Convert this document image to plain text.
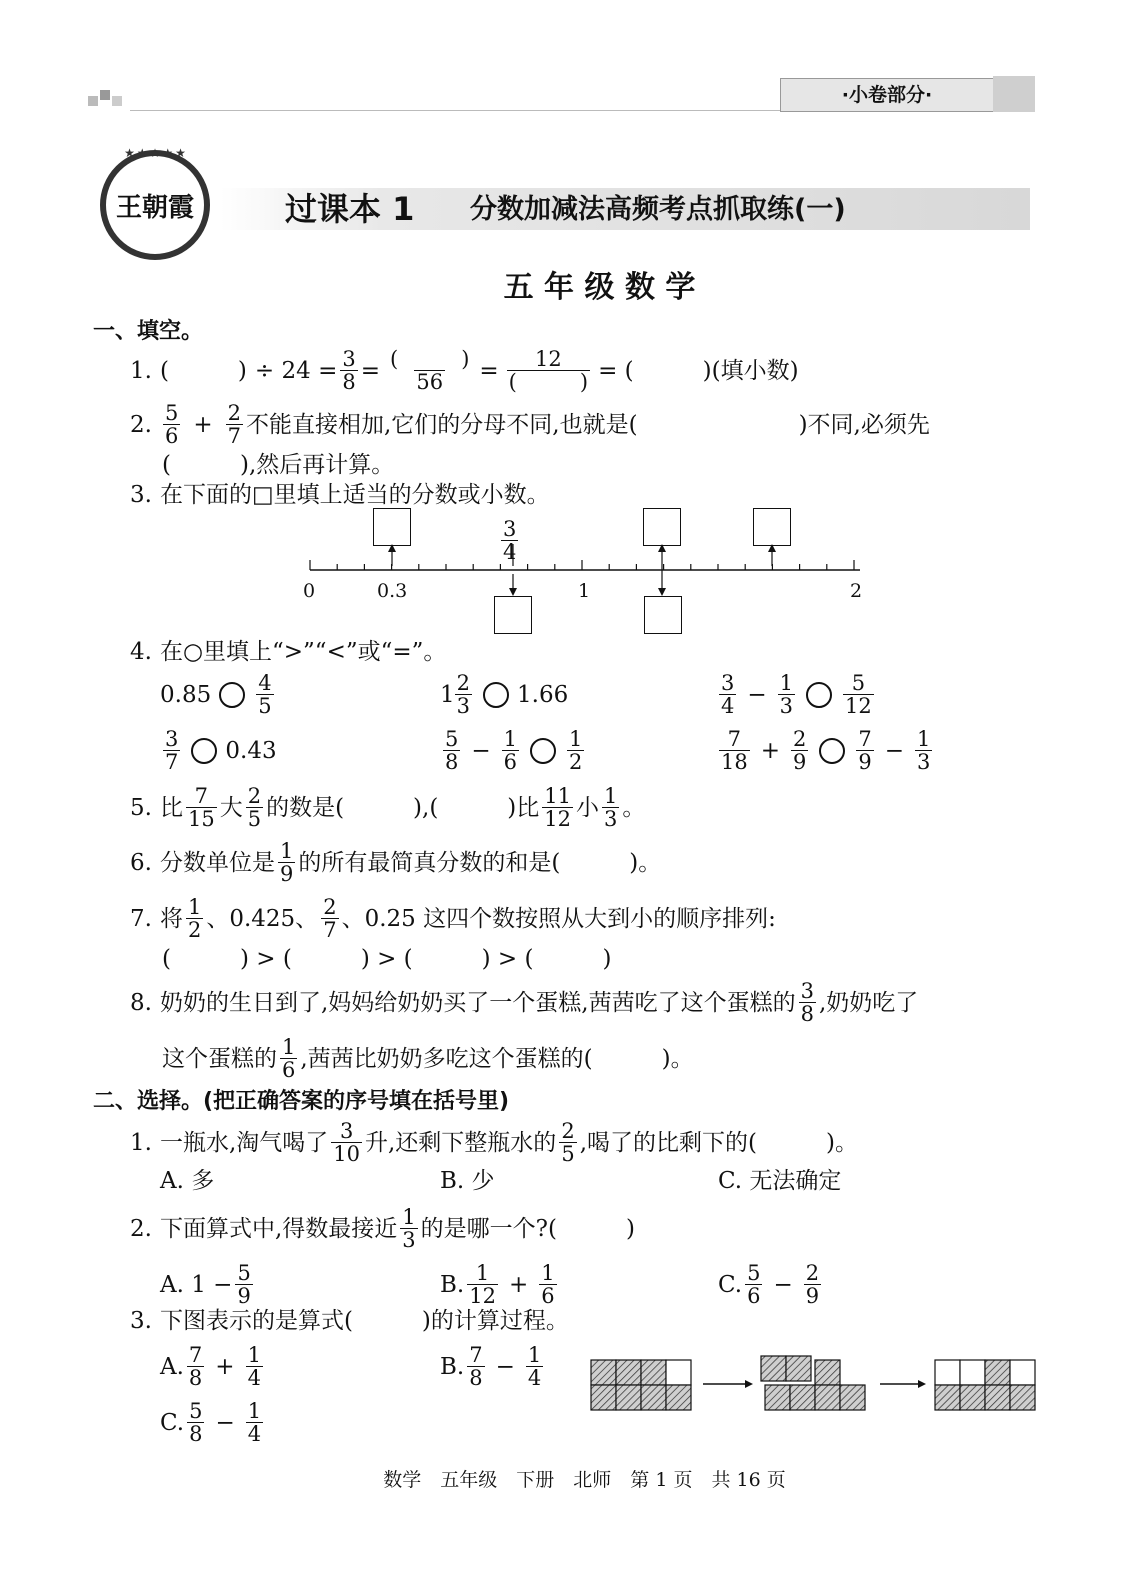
·小卷部分·
★★★★★
王朝霞	过课本 1 分数加减法高频考点抓取练(一)
五 年 级 数 学
一、填空。
1. (　　　) ÷ $24 = \frac{3}{8} = \frac{( )}{56} = \frac{12}{( )}$ = (　　　)(填小数)
2. $\frac{5}{6} + \frac{2}{7}$ 不能直接相加,它们的分母不同,也就是(　　　　　　　)不同,必须先
(　　　),然后再计算。
3. 在下面的□里填上适当的分数或小数。
$\frac{3}{4}$
0	0.3	1	2
4. 在○里填上“>”“<”或“=”。
$0.85 \frac{4}{5}$	$1 \frac{2}{3} 1.66$	$\frac{3}{4} - \frac{1}{3} \frac{5}{12}$
$\frac{3}{7} 0.43$	$\frac{5}{8} - \frac{1}{6} \frac{1}{2}$	$\frac{7}{18} + \frac{2}{9} \frac{7}{9} - \frac{1}{3}$
5. 比 $\frac{7}{15}$ 大 $\frac{2}{5}$ 的数是(　　　),(　　　)比 $\frac{11}{12}$ 小 $\frac{1}{3}$ 。
6. 分数单位是 $\frac{1}{9}$ 的所有最简真分数的和是(　　　)。
7. 将 $\frac{1}{2}$ 、0.425、 $\frac{2}{7}$ 、0.25 这四个数按照从大到小的顺序排列:
(　　　) > (　　　) > (　　　) > (　　　)
8. 奶奶的生日到了,妈妈给奶奶买了一个蛋糕,茜茜吃了这个蛋糕的 $\frac{3}{8}$ ,奶奶吃了
这个蛋糕的 $\frac{1}{6}$ ,茜茜比奶奶多吃这个蛋糕的(　　　)。
二、选择。(把正确答案的序号填在括号里)
1. 一瓶水,淘气喝了 $\frac{3}{10}$ 升,还剩下整瓶水的 $\frac{2}{5}$ ,喝了的比剩下的(　　　)。
A. 多	B. 少	C. 无法确定
2. 下面算式中,得数最接近 $\frac{1}{3}$ 的是哪一个?(　　　)
A. $1 - \frac{5}{9}$	B. $\frac{1}{12} + \frac{1}{6}$	C. $\frac{5}{6} - \frac{2}{9}$
3. 下图表示的是算式(　　　)的计算过程。
A. $\frac{7}{8} + \frac{1}{4}$	B. $\frac{7}{8} - \frac{1}{4}$
C. $\frac{5}{8} - \frac{1}{4}$
数学　五年级　下册　北师　第 1 页　共 16 页
